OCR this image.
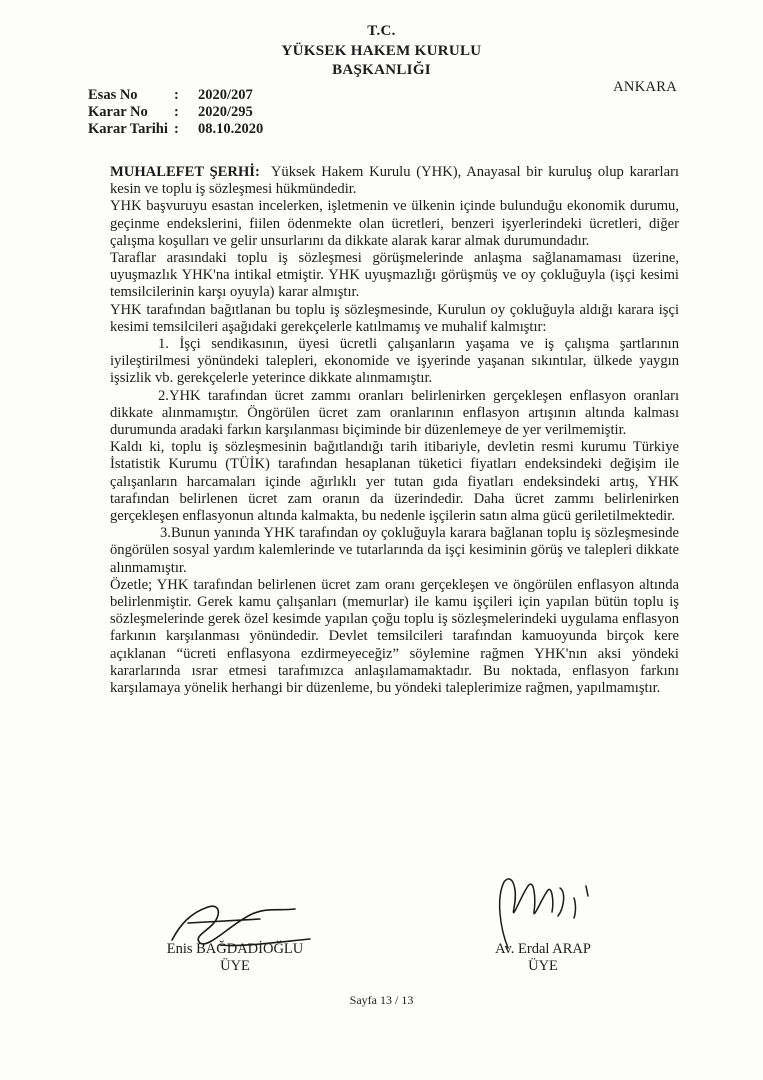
T.C.
YÜKSEK HAKEM KURULU
BAŞKANLIĞI
Esas No	:	2020/207
Karar No	:	2020/295
Karar Tarihi :	08.10.2020
ANKARA

MUHALEFET ŞERHİ: Yüksek Hakem Kurulu (YHK), Anayasal bir kuruluş olup kararları kesin ve toplu iş sözleşmesi hükmündedir.

YHK başvuruyu esastan incelerken, işletmenin ve ülkenin içinde bulunduğu ekonomik durumu, geçinme endekslerini, fiilen ödenmekte olan ücretleri, benzeri işyerlerindeki ücretleri, diğer çalışma koşulları ve gelir unsurlarını da dikkate alarak karar almak durumundadır.

Taraflar arasındaki toplu iş sözleşmesi görüşmelerinde anlaşma sağlanamaması üzerine, uyuşmazlık YHK'na intikal etmiştir. YHK uyuşmazlığı görüşmüş ve oy çokluğuyla (işçi kesimi temsilcilerinin karşı oyuyla) karar almıştır.

YHK tarafından bağıtlanan bu toplu iş sözleşmesinde, Kurulun oy çokluğuyla aldığı karara işçi kesimi temsilcileri aşağıdaki gerekçelerle katılmamış ve muhalif kalmıştır:

1. İşçi sendikasının, üyesi ücretli çalışanların yaşama ve iş çalışma şartlarının iyileştirilmesi yönündeki talepleri, ekonomide ve işyerinde yaşanan sıkıntılar, ülkede yaygın işsizlik vb. gerekçelerle yeterince dikkate alınmamıştır.

2.YHK tarafından ücret zammı oranları belirlenirken gerçekleşen enflasyon oranları dikkate alınmamıştır. Öngörülen ücret zam oranlarının enflasyon artışının altında kalması durumunda aradaki farkın karşılanması biçiminde bir düzenlemeye de yer verilmemiştir.

Kaldı ki, toplu iş sözleşmesinin bağıtlandığı tarih itibariyle, devletin resmi kurumu Türkiye İstatistik Kurumu (TÜİK) tarafından hesaplanan tüketici fiyatları endeksindeki değişim ile çalışanların harcamaları içinde ağırlıklı yer tutan gıda fiyatları endeksindeki artış, YHK tarafından belirlenen ücret zam oranın da üzerindedir. Daha ücret zammı belirlenirken gerçekleşen enflasyonun altında kalmakta, bu nedenle işçilerin satın alma gücü geriletilmektedir.

3.Bunun yanında YHK tarafından oy çokluğuyla karara bağlanan toplu iş sözleşmesinde öngörülen sosyal yardım kalemlerinde ve tutarlarında da işçi kesiminin görüş ve talepleri dikkate alınmamıştır.

Özetle; YHK tarafından belirlenen ücret zam oranı gerçekleşen ve öngörülen enflasyon altında belirlenmiştir. Gerek kamu çalışanları (memurlar) ile kamu işçileri için yapılan bütün toplu iş sözleşmelerinde gerek özel kesimde yapılan çoğu toplu iş sözleşmelerindeki uygulama enflasyon farkının karşılanması yönündedir. Devlet temsilcileri tarafından kamuoyunda birçok kere açıklanan “ücreti enflasyona ezdirmeyeceğiz” söylemine rağmen YHK'nın aksi yöndeki kararlarında ısrar etmesi tarafımızca anlaşılamamaktadır. Bu noktada, enflasyon farkını karşılamaya yönelik herhangi bir düzenleme, bu yöndeki taleplerimize rağmen, yapılmamıştır.

Enis BAĞDADİOĞLU
ÜYE
Av. Erdal ARAP
ÜYE
Sayfa 13 / 13
